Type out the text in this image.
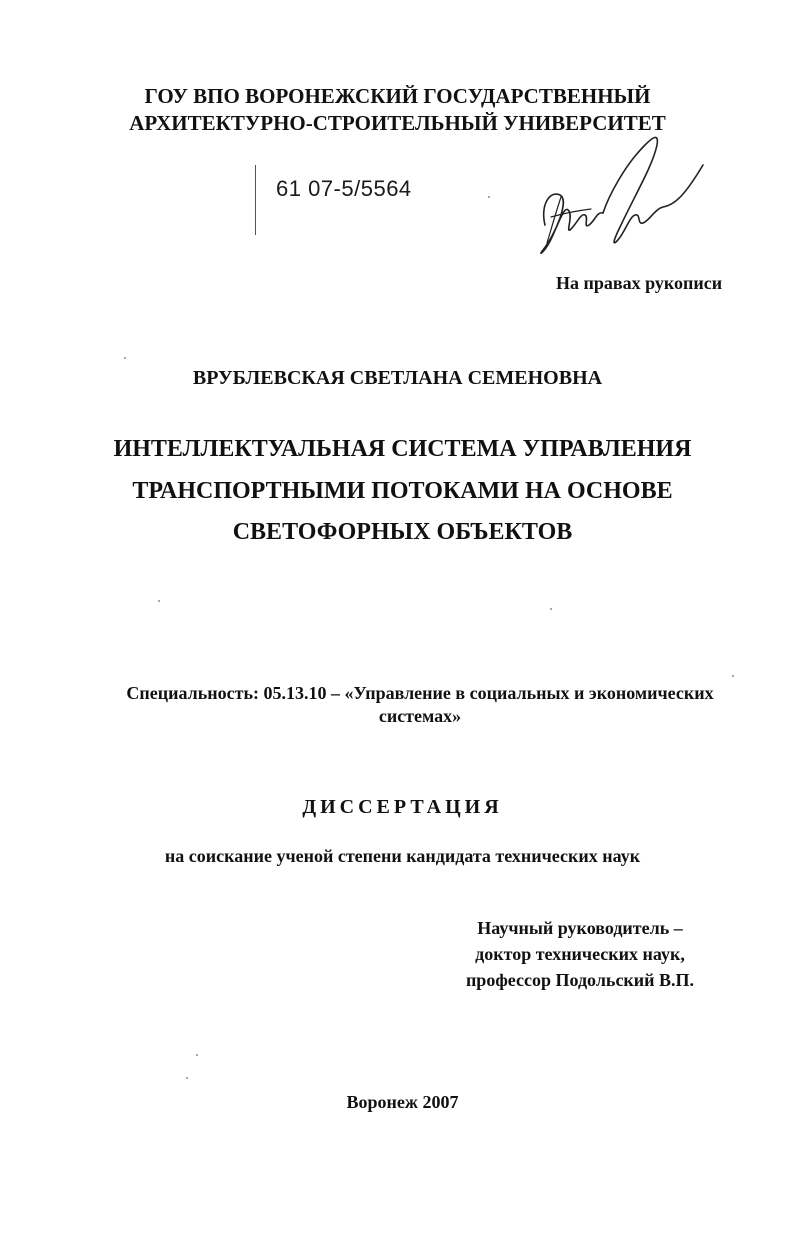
ГОУ ВПО ВОРОНЕЖСКИЙ ГОСУДАРСТВЕННЫЙ
АРХИТЕКТУРНО-СТРОИТЕЛЬНЫЙ УНИВЕРСИТЕТ
61 07-5/5564
На правах рукописи
ВРУБЛЕВСКАЯ СВЕТЛАНА СЕМЕНОВНА
ИНТЕЛЛЕКТУАЛЬНАЯ СИСТЕМА УПРАВЛЕНИЯ
ТРАНСПОРТНЫМИ ПОТОКАМИ НА ОСНОВЕ
СВЕТОФОРНЫХ ОБЪЕКТОВ
Специальность: 05.13.10 – «Управление в социальных и экономических
системах»
ДИССЕРТАЦИЯ
на соискание ученой степени кандидата технических наук
Научный руководитель –
доктор технических наук,
профессор Подольский В.П.
Воронеж 2007
